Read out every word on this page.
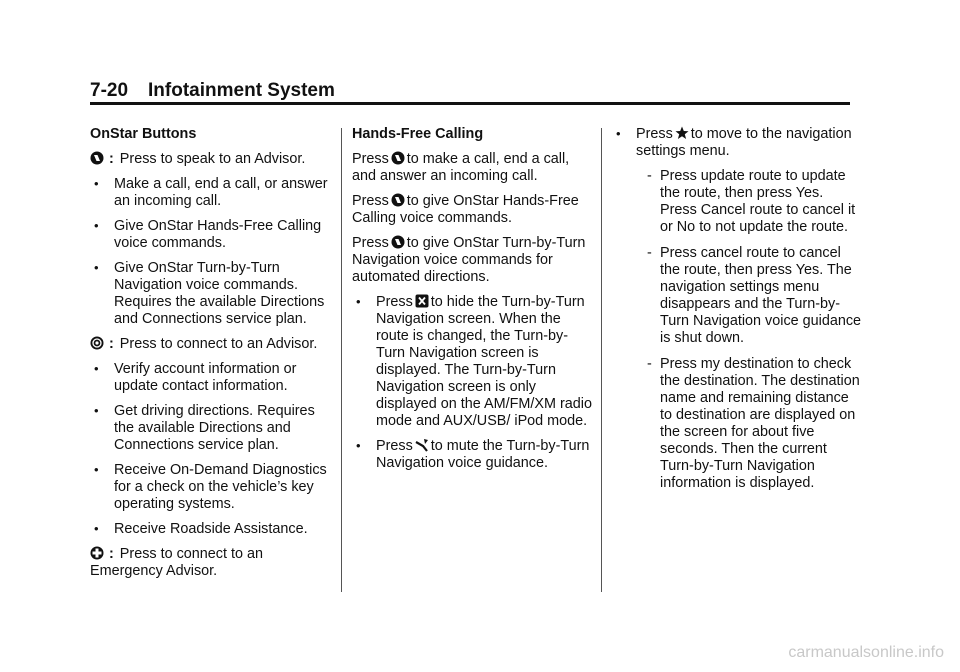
7-20 Infotainment System
OnStar Buttons
: Press to speak to an Advisor.
• Make a call, end a call, or answer an incoming call.
• Give OnStar Hands-Free Calling voice commands.
• Give OnStar Turn-by-Turn Navigation voice commands. Requires the available Directions and Connections service plan.
: Press to connect to an Advisor.
• Verify account information or update contact information.
• Get driving directions. Requires the available Directions and Connections service plan.
• Receive On-Demand Diagnostics for a check on the vehicle’s key operating systems.
• Receive Roadside Assistance.
: Press to connect to an Emergency Advisor.
Hands-Free Calling

Press to make a call, end a call, and answer an incoming call.

Press to give OnStar Hands-Free Calling voice commands.

Press to give OnStar Turn-by-Turn Navigation voice commands for automated directions.

• Press to hide the Turn-by-Turn Navigation screen. When the route is changed, the Turn-by-Turn Navigation screen is displayed. The Turn-by-Turn Navigation screen is only displayed on the AM/FM/XM radio mode and AUX/USB/ iPod mode.
• Press to mute the Turn-by-Turn Navigation voice guidance.
• Press to move to the navigation settings menu.
- Press update route to update the route, then press Yes. Press Cancel route to cancel it or No to not update the route.
- Press cancel route to cancel the route, then press Yes. The navigation settings menu disappears and the Turn-by-Turn Navigation voice guidance is shut down.
- Press my destination to check the destination. The destination name and remaining distance to destination are displayed on the screen for about five seconds. Then the current Turn-by-Turn Navigation information is displayed.
carmanualsonline.info
